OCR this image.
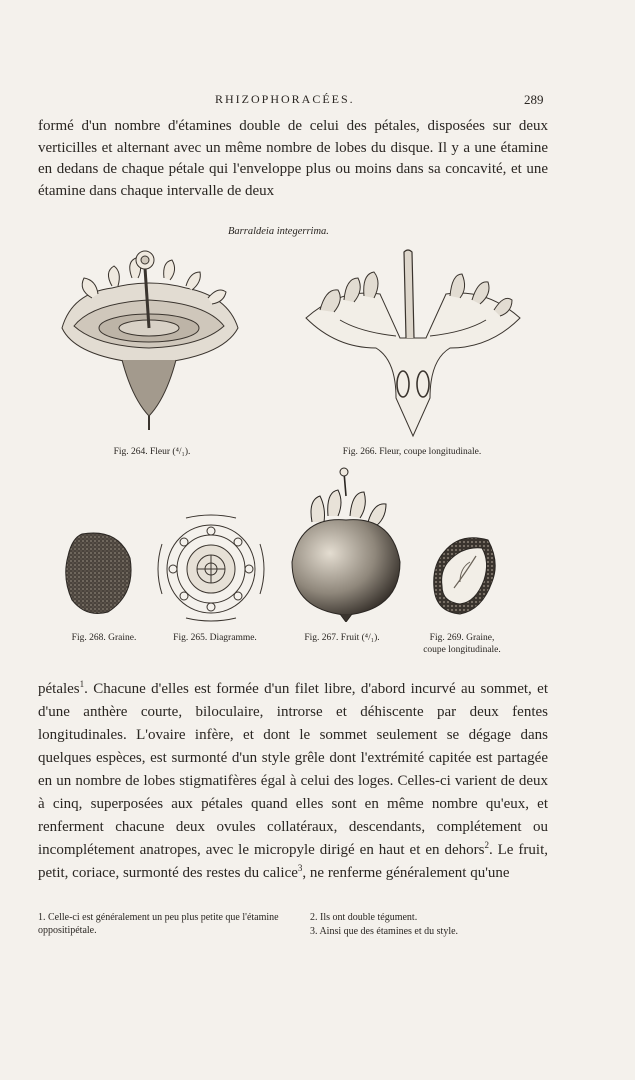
RHIZOPHORACÉES.	289

formé d'un nombre d'étamines double de celui des pétales, disposées sur deux verticilles et alternant avec un même nombre de lobes du disque. Il y a une étamine en dedans de chaque pétale qui l'enveloppe plus ou moins dans sa concavité, et une étamine dans chaque intervalle de deux

Barraldeia integerrima.
Fig. 264. Fleur (⁴/₁).	Fig. 266. Fleur, coupe longitudinale.
Fig. 268. Graine.	Fig. 265. Diagramme.	Fig. 267. Fruit (⁴/₁).	Fig. 269. Graine,
coupe longitudinale.

pétales$^1$. Chacune d'elles est formée d'un filet libre, d'abord incurvé au sommet, et d'une anthère courte, biloculaire, introrse et déhiscente par deux fentes longitudinales. L'ovaire infère, et dont le sommet seulement se dégage dans quelques espèces, est surmonté d'un style grêle dont l'extrémité capitée est partagée en un nombre de lobes stigmatifères égal à celui des loges. Celles-ci varient de deux à cinq, superposées aux pétales quand elles sont en même nombre qu'eux, et renferment chacune deux ovules collatéraux, descendants, complétement ou incomplétement anatropes, avec le micropyle dirigé en haut et en dehors$^2$. Le fruit, petit, coriace, surmonté des restes du calice$^3$, ne renferme généralement qu'une

1. Celle-ci est généralement un peu plus petite que l'étamine oppositipétale.
2. Ils ont double tégument.
3. Ainsi que des étamines et du style.
